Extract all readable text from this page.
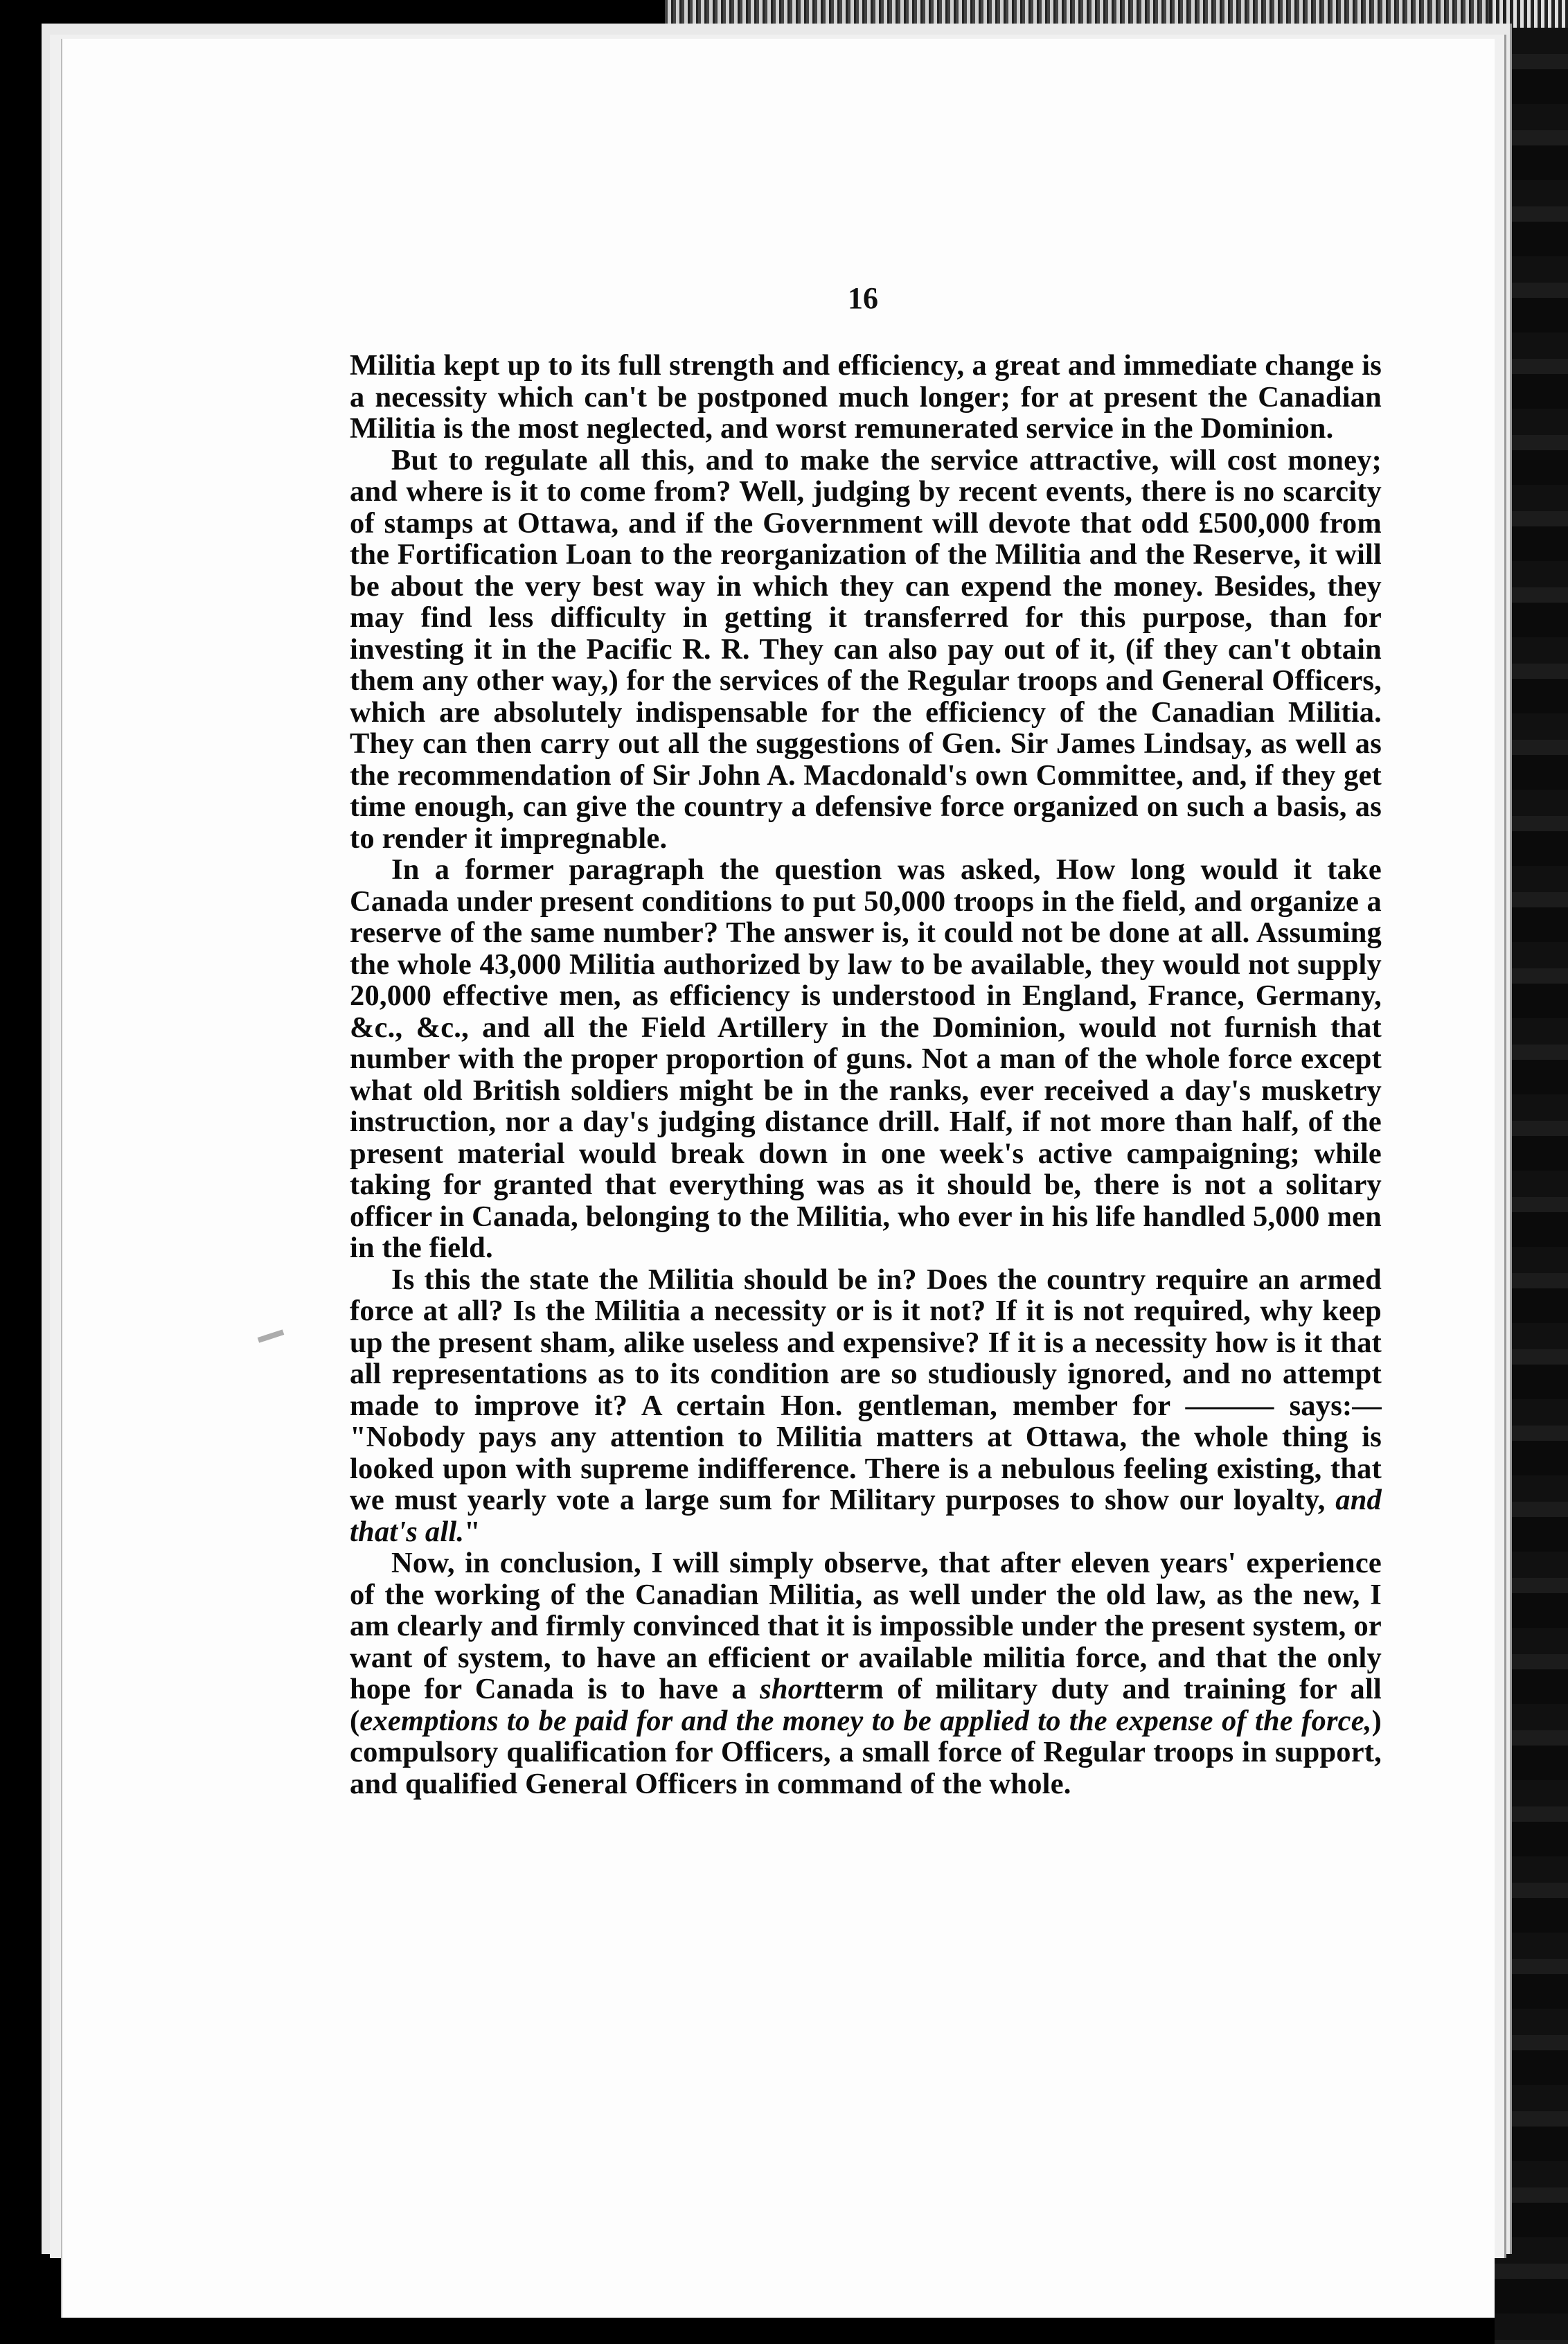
16

Militia kept up to its full strength and efficiency, a great and immediate change is a necessity which can't be postponed much longer; for at present the Canadian Militia is the most neglected, and worst remunerated service in the Dominion.

But to regulate all this, and to make the service attractive, will cost money; and where is it to come from? Well, judging by recent events, there is no scarcity of stamps at Ottawa, and if the Government will devote that odd £500,000 from the Fortification Loan to the reorganization of the Militia and the Reserve, it will be about the very best way in which they can expend the money. Besides, they may find less difficulty in getting it transferred for this purpose, than for investing it in the Pacific R. R. They can also pay out of it, (if they can't obtain them any other way,) for the services of the Regular troops and General Officers, which are absolutely indispensable for the efficiency of the Canadian Militia. They can then carry out all the suggestions of Gen. Sir James Lindsay, as well as the recommendation of Sir John A. Macdonald's own Committee, and, if they get time enough, can give the country a defensive force organized on such a basis, as to render it impregnable.

In a former paragraph the question was asked, How long would it take Canada under present conditions to put 50,000 troops in the field, and organize a reserve of the same number? The answer is, it could not be done at all. Assuming the whole 43,000 Militia authorized by law to be available, they would not supply 20,000 effective men, as efficiency is understood in England, France, Germany, &c., &c., and all the Field Artillery in the Dominion, would not furnish that number with the proper proportion of guns. Not a man of the whole force except what old British soldiers might be in the ranks, ever received a day's musketry instruction, nor a day's judging distance drill. Half, if not more than half, of the present material would break down in one week's active campaigning; while taking for granted that everything was as it should be, there is not a solitary officer in Canada, belonging to the Militia, who ever in his life handled 5,000 men in the field.

Is this the state the Militia should be in? Does the country require an armed force at all? Is the Militia a necessity or is it not? If it is not required, why keep up the present sham, alike useless and expensive? If it is a necessity how is it that all representations as to its condition are so studiously ignored, and no attempt made to improve it? A certain Hon. gentleman, member for ——— says:— "Nobody pays any attention to Militia matters at Ottawa, the whole thing is looked upon with supreme indifference. There is a nebulous feeling existing, that we must yearly vote a large sum for Military purposes to show our loyalty, and that's all."

Now, in conclusion, I will simply observe, that after eleven years' experience of the working of the Canadian Militia, as well under the old law, as the new, I am clearly and firmly convinced that it is impossible under the present system, or want of system, to have an efficient or available militia force, and that the only hope for Canada is to have a shortterm of military duty and training for all (exemptions to be paid for and the money to be applied to the expense of the force,) compulsory qualification for Officers, a small force of Regular troops in support, and qualified General Officers in command of the whole.
